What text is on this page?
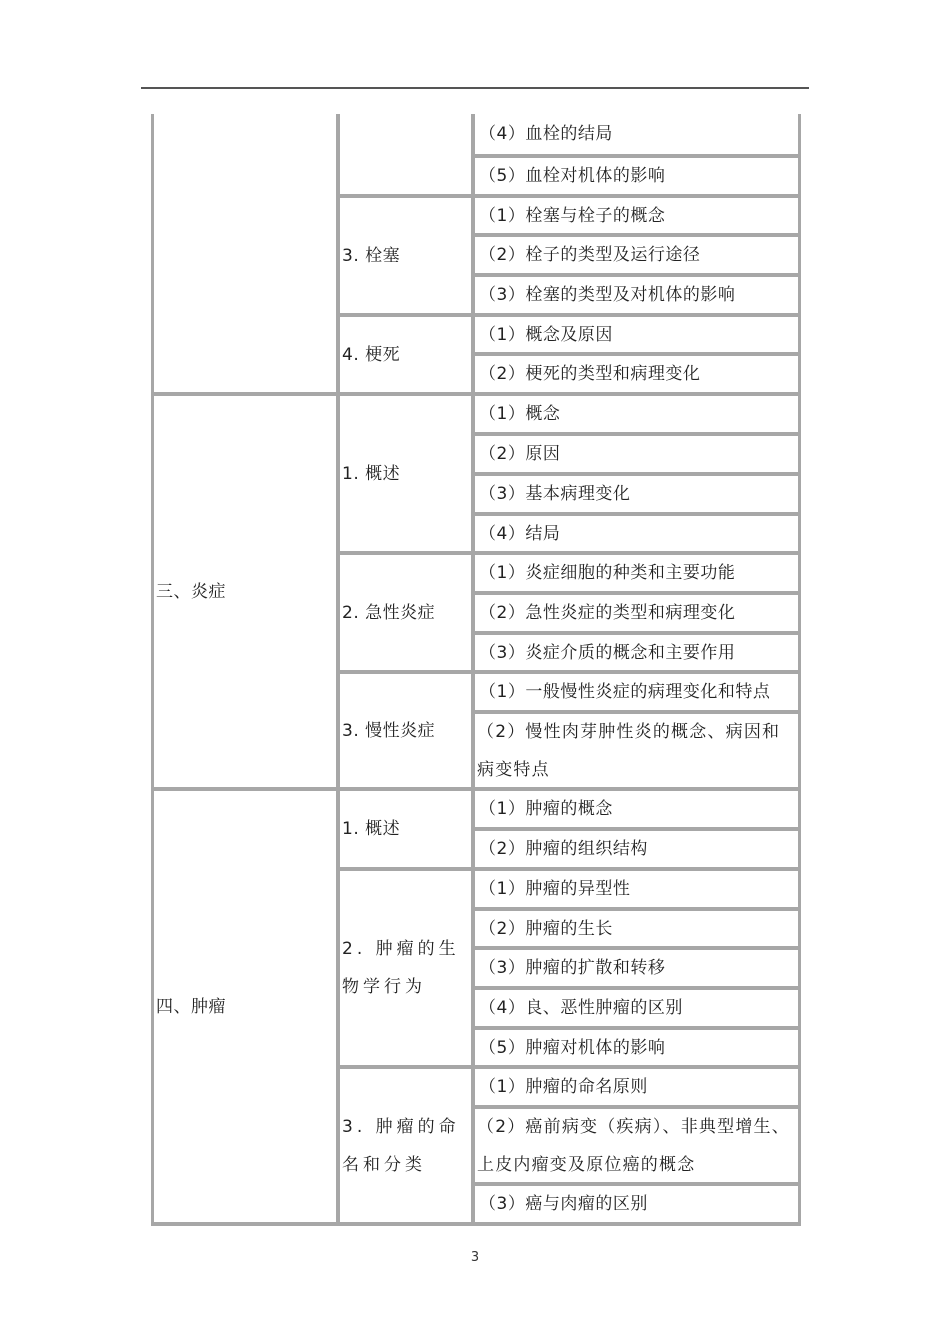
三、炎症
四、肿瘤
3. 栓塞
4. 梗死
1. 概述
2. 急性炎症
3. 慢性炎症
1. 概述
2. 肿瘤的生物学行为
3. 肿瘤的命名和分类
（4）血栓的结局
（5）血栓对机体的影响
（1）栓塞与栓子的概念
（2）栓子的类型及运行途径
（3）栓塞的类型及对机体的影响
（1）概念及原因
（2）梗死的类型和病理变化
（1）概念
（2）原因
（3）基本病理变化
（4）结局
（1）炎症细胞的种类和主要功能
（2）急性炎症的类型和病理变化
（3）炎症介质的概念和主要作用
（1）一般慢性炎症的病理变化和特点
（2）慢性肉芽肿性炎的概念、病因和病变特点
（1）肿瘤的概念
（2）肿瘤的组织结构
（1）肿瘤的异型性
（2）肿瘤的生长
（3）肿瘤的扩散和转移
（4）良、恶性肿瘤的区别
（5）肿瘤对机体的影响
（1）肿瘤的命名原则
（2）癌前病变（疾病）、非典型增生、上皮内瘤变及原位癌的概念
（3）癌与肉瘤的区别
3
